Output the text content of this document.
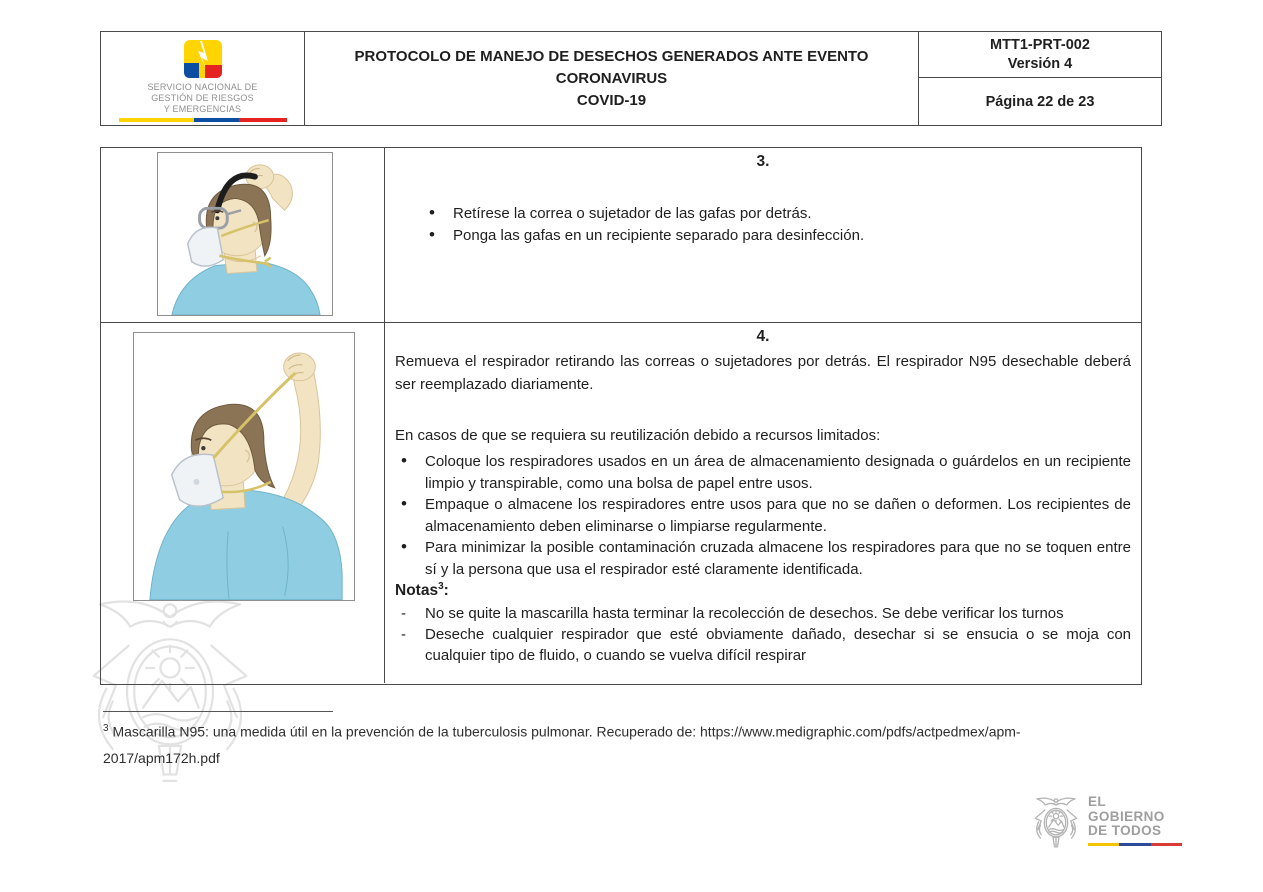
SERVICIO NACIONAL DE
GESTIÓN DE RIESGOS
Y EMERGENCIAS
PROTOCOLO DE MANEJO DE DESECHOS GENERADOS ANTE EVENTO CORONAVIRUS
COVID-19
MTT1-PRT-002
Versión 4
Página 22 de 23
3.
• Retírese la correa o sujetador de las gafas por detrás.
• Ponga las gafas en un recipiente separado para desinfección.
4.

Remueva el respirador retirando las correas o sujetadores por detrás. El respirador N95 desechable deberá ser reemplazado diariamente.

En casos de que se requiera su reutilización debido a recursos limitados:

• Coloque los respiradores usados en un área de almacenamiento designada o guárdelos en un recipiente limpio y transpirable, como una bolsa de papel entre usos.
• Empaque o almacene los respiradores entre usos para que no se dañen o deformen. Los recipientes de almacenamiento deben eliminarse o limpiarse regularmente.
• Para minimizar la posible contaminación cruzada almacene los respiradores para que no se toquen entre sí y la persona que usa el respirador esté claramente identificada.
Notas$^3$:
- No se quite la mascarilla hasta terminar la recolección de desechos. Se debe verificar los turnos
- Deseche cualquier respirador que esté obviamente dañado, desechar si se ensucia o se moja con cualquier tipo de fluido, o cuando se vuelva difícil respirar
$^3$ Mascarilla N95: una medida útil en la prevención de la tuberculosis pulmonar. Recuperado de: https://www.medigraphic.com/pdfs/actpedmex/apm-
2017/apm172h.pdf
EL
GOBIERNO
DE TODOS
